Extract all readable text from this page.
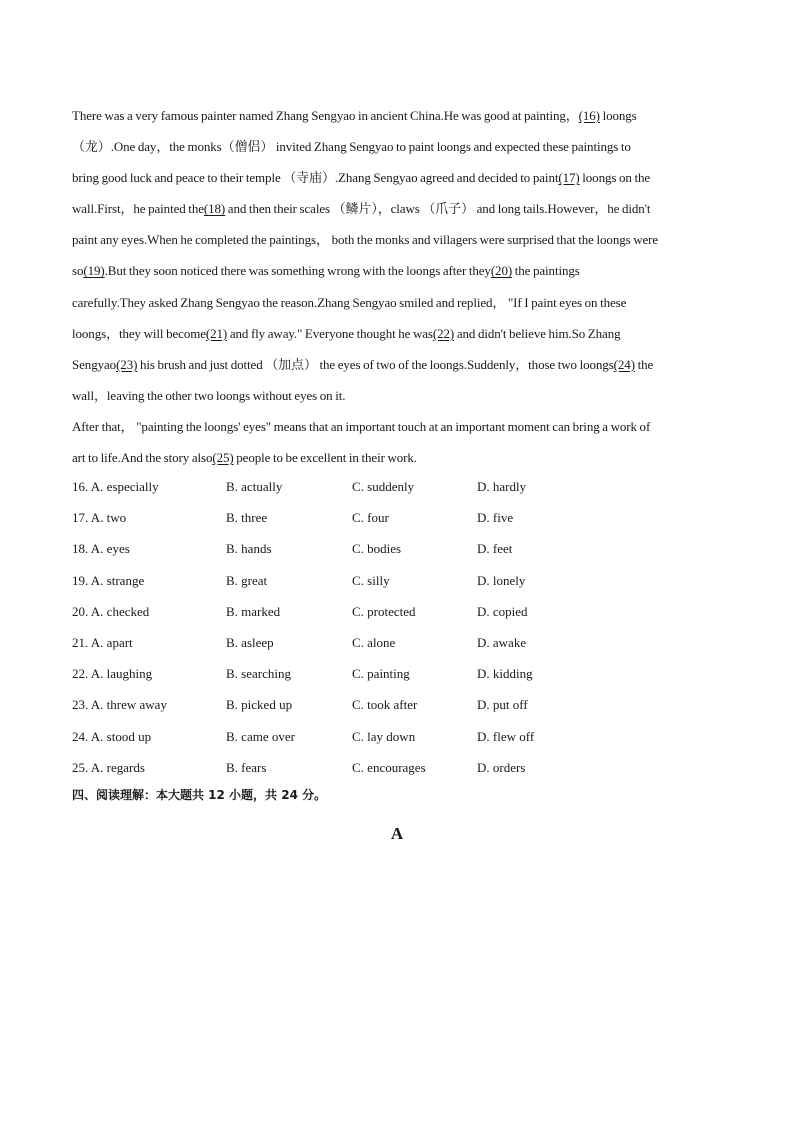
There was a very famous painter named Zhang Sengyao in ancient China.He was good at painting，(16) loongs
（龙）.One day，the monks（僧侣） invited Zhang Sengyao to paint loongs and expected these paintings to
bring good luck and peace to their temple （寺庙）.Zhang Sengyao agreed and decided to paint(17) loongs on the
wall.First，he painted the(18) and then their scales （鳞片），claws （爪子） and long tails.However，he didn't
paint any eyes.When he completed the paintings， both the monks and villagers were surprised that the loongs were
so(19).But they soon noticed there was something wrong with the loongs after they(20) the paintings
carefully.They asked Zhang Sengyao the reason.Zhang Sengyao smiled and replied， "If I paint eyes on these
loongs，they will become(21) and fly away." Everyone thought he was(22) and didn't believe him.So Zhang
Sengyao(23) his brush and just dotted （加点） the eyes of two of the loongs.Suddenly，those two loongs(24) the
wall，leaving the other two loongs without eyes on it.
After that， "painting the loongs' eyes" means that an important touch at an important moment can bring a work of
art to life.And the story also(25) people to be excellent in their work.

16. A. especially	B. actually	C. suddenly	D. hardly
17. A. two	B. three	C. four	D. five
18. A. eyes	B. hands	C. bodies	D. feet
19. A. strange	B. great	C. silly	D. lonely
20. A. checked	B. marked	C. protected	D. copied
21. A. apart	B. asleep	C. alone	D. awake
22. A. laughing	B. searching	C. painting	D. kidding
23. A. threw away	B. picked up	C. took after	D. put off
24. A. stood up	B. came over	C. lay down	D. flew off
25. A. regards	B. fears	C. encourages	D. orders
四、阅读理解：本大题共 12 小题，共 24 分。
A
